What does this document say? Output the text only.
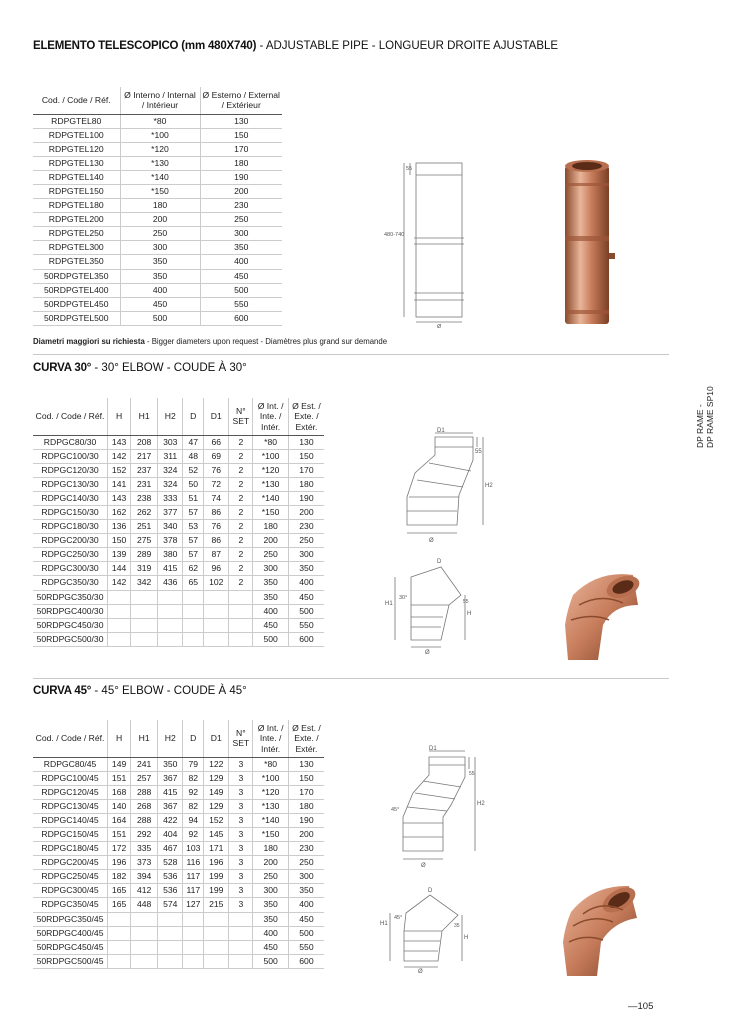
ELEMENTO TELESCOPICO (mm 480X740) - ADJUSTABLE PIPE - LONGUEUR DROITE AJUSTABLE
Cod. / Code / Réf.	Ø Interno / Internal / Intérieur	Ø Esterno / External / Extérieur
RDPGTEL80	*80	130
RDPGTEL100	*100	150
RDPGTEL120	*120	170
RDPGTEL130	*130	180
RDPGTEL140	*140	190
RDPGTEL150	*150	200
RDPGTEL180	180	230
RDPGTEL200	200	250
RDPGTEL250	250	300
RDPGTEL300	300	350
RDPGTEL350	350	400
50RDPGTEL350	350	450
50RDPGTEL400	400	500
50RDPGTEL450	450	550
50RDPGTEL500	500	600
55
480-740
Ø
Diametri maggiori su richiesta - Bigger diameters upon request - Diamètres plus grand sur demande
CURVA 30° - 30° ELBOW - COUDE À 30°
Cod. / Code / Réf.	H	H1	H2	D	D1	N° SET	Ø Int. / Inte. / Intér.	Ø Est. / Exte. / Extér.
RDPGC80/30	143	208	303	47	66	2	*80	130
RDPGC100/30	142	217	311	48	69	2	*100	150
RDPGC120/30	152	237	324	52	76	2	*120	170
RDPGC130/30	141	231	324	50	72	2	*130	180
RDPGC140/30	143	238	333	51	74	2	*140	190
RDPGC150/30	162	262	377	57	86	2	*150	200
RDPGC180/30	136	251	340	53	76	2	180	230
RDPGC200/30	150	275	378	57	86	2	200	250
RDPGC250/30	139	289	380	57	87	2	250	300
RDPGC300/30	144	319	415	62	96	2	300	350
RDPGC350/30	142	342	436	65	102	2	350	400
50RDPGC350/30							350	450
50RDPGC400/30							400	500
50RDPGC450/30							450	550
50RDPGC500/30							500	600
D1
55
H2
Ø
D
30°
H1
H
55
Ø
DP RAME - DP RAME SP10
CURVA 45° - 45° ELBOW - COUDE À 45°
Cod. / Code / Réf.	H	H1	H2	D	D1	N° SET	Ø Int. / Inte. / Intér.	Ø Est. / Exte. / Extér.
RDPGC80/45	149	241	350	79	122	3	*80	130
RDPGC100/45	151	257	367	82	129	3	*100	150
RDPGC120/45	168	288	415	92	149	3	*120	170
RDPGC130/45	140	268	367	82	129	3	*130	180
RDPGC140/45	164	288	422	94	152	3	*140	190
RDPGC150/45	151	292	404	92	145	3	*150	200
RDPGC180/45	172	335	467	103	171	3	180	230
RDPGC200/45	196	373	528	116	196	3	200	250
RDPGC250/45	182	394	536	117	199	3	250	300
RDPGC300/45	165	412	536	117	199	3	300	350
RDPGC350/45	165	448	574	127	215	3	350	400
50RDPGC350/45							350	450
50RDPGC400/45							400	500
50RDPGC450/45							450	550
50RDPGC500/45							500	600
D1
55
H2
45°
Ø
D
45°
H1
H
35
Ø
—105
